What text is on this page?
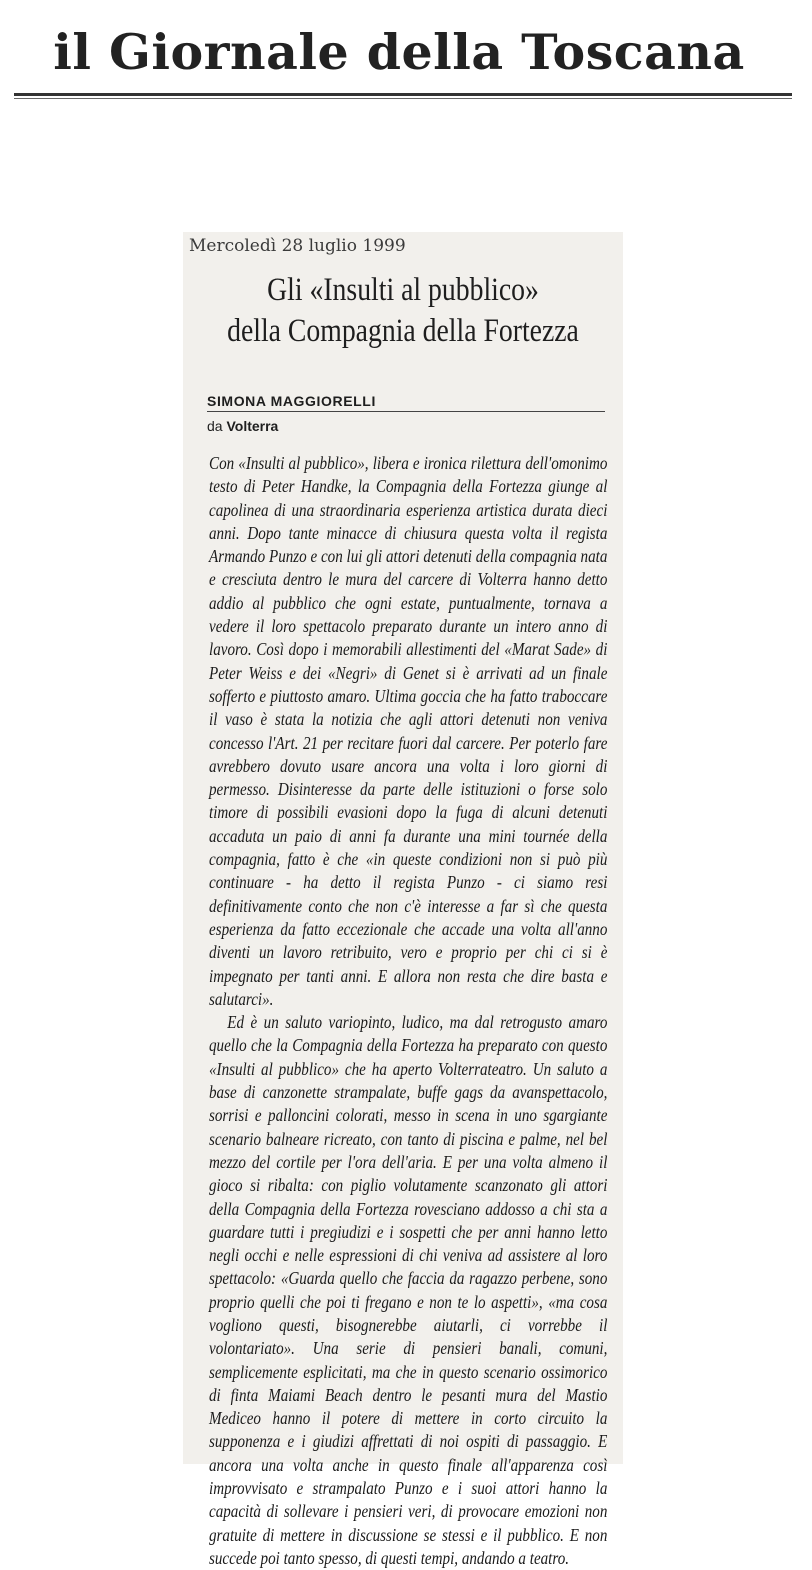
il Giornale della Toscana
Mercoledì 28 luglio 1999
Gli «Insulti al pubblico»
della Compagnia della Fortezza
SIMONA MAGGIORELLI
da Volterra

Con «Insulti al pubblico», libera e ironica rilettura dell'omonimo testo di Peter Handke, la Compagnia della Fortezza giunge al capolinea di una straordinaria esperienza artistica durata dieci anni. Dopo tante minacce di chiusura questa volta il regista Armando Punzo e con lui gli attori detenuti della compagnia nata e cresciuta dentro le mura del carcere di Volterra hanno detto addio al pubblico che ogni estate, puntualmente, tornava a vedere il loro spettacolo preparato durante un intero anno di lavoro. Così dopo i memorabili allestimenti del «Marat Sade» di Peter Weiss e dei «Negri» di Genet si è arrivati ad un finale sofferto e piuttosto amaro. Ultima goccia che ha fatto traboccare il vaso è stata la notizia che agli attori detenuti non veniva concesso l'Art. 21 per recitare fuori dal carcere. Per poterlo fare avrebbero dovuto usare ancora una volta i loro giorni di permesso. Disinteresse da parte delle istituzioni o forse solo timore di possibili evasioni dopo la fuga di alcuni detenuti accaduta un paio di anni fa durante una mini tournée della compagnia, fatto è che «in queste condizioni non si può più continuare - ha detto il regista Punzo - ci siamo resi definitivamente conto che non c'è interesse a far sì che questa esperienza da fatto eccezionale che accade una volta all'anno diventi un lavoro retribuito, vero e proprio per chi ci si è impegnato per tanti anni. E allora non resta che dire basta e salutarci».

Ed è un saluto variopinto, ludico, ma dal retrogusto amaro quello che la Compagnia della Fortezza ha preparato con questo «Insulti al pubblico» che ha aperto Volterrateatro. Un saluto a base di canzonette strampalate, buffe gags da avanspettacolo, sorrisi e palloncini colorati, messo in scena in uno sgargiante scenario balneare ricreato, con tanto di piscina e palme, nel bel mezzo del cortile per l'ora dell'aria. E per una volta almeno il gioco si ribalta: con piglio volutamente scanzonato gli attori della Compagnia della Fortezza rovesciano addosso a chi sta a guardare tutti i pregiudizi e i sospetti che per anni hanno letto negli occhi e nelle espressioni di chi veniva ad assistere al loro spettacolo: «Guarda quello che faccia da ragazzo perbene, sono proprio quelli che poi ti fregano e non te lo aspetti», «ma cosa vogliono questi, bisognerebbe aiutarli, ci vorrebbe il volontariato». Una serie di pensieri banali, comuni, semplicemente esplicitati, ma che in questo scenario ossimorico di finta Maiami Beach dentro le pesanti mura del Mastio Mediceo hanno il potere di mettere in corto circuito la supponenza e i giudizi affrettati di noi ospiti di passaggio. E ancora una volta anche in questo finale all'apparenza così improvvisato e strampalato Punzo e i suoi attori hanno la capacità di sollevare i pensieri veri, di provocare emozioni non gratuite di mettere in discussione se stessi e il pubblico. E non succede poi tanto spesso, di questi tempi, andando a teatro.
